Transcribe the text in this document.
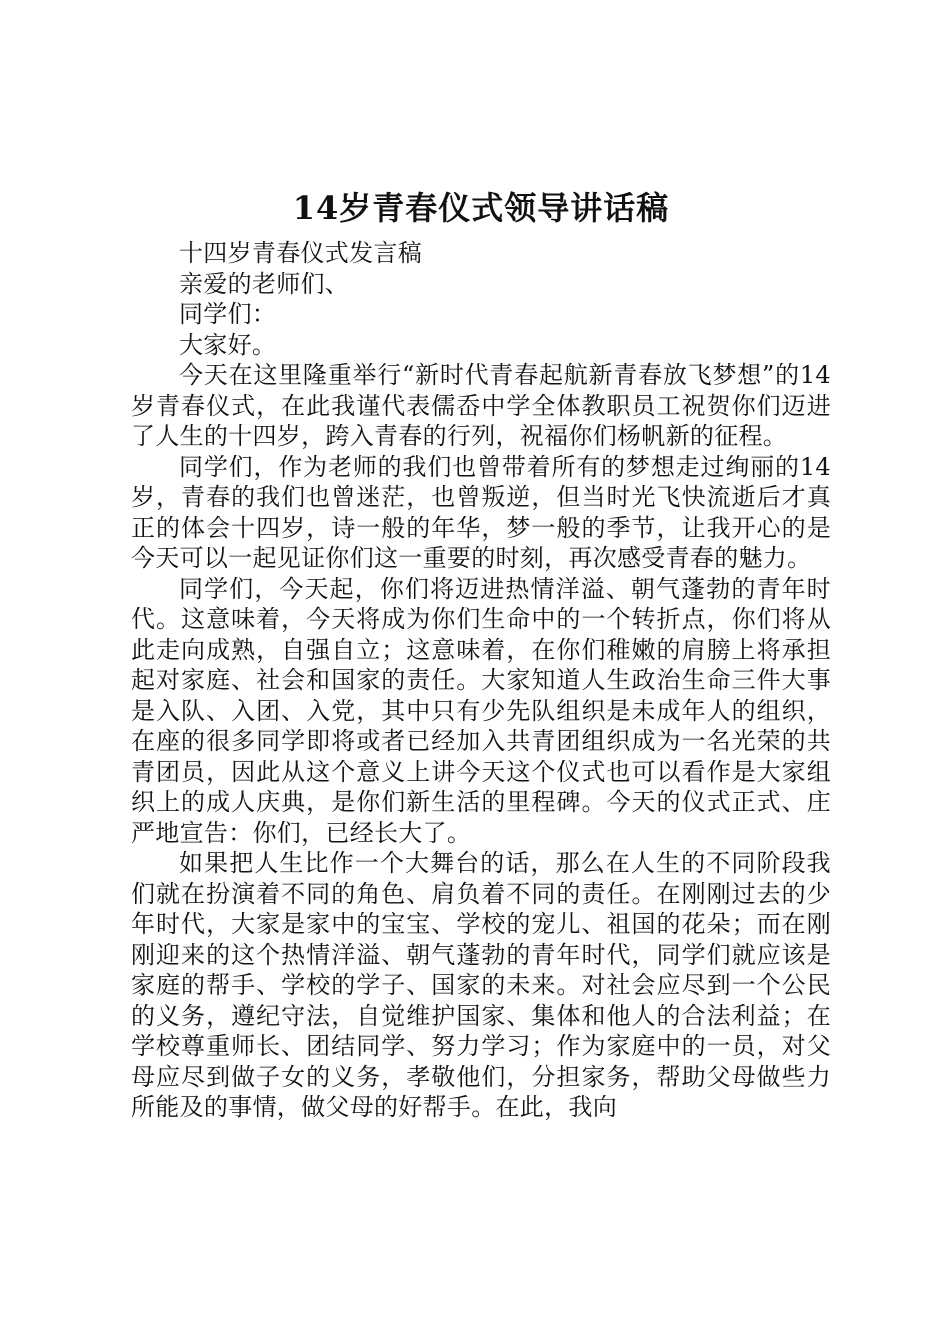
14岁青春仪式领导讲话稿

十四岁青春仪式发言稿

亲爱的老师们、

同学们：

大家好。

今天在这里隆重举行“新时代青春起航新青春放飞梦想”的14岁青春仪式，在此我谨代表儒岙中学全体教职员工祝贺你们迈进了人生的十四岁，跨入青春的行列，祝福你们杨帆新的征程。

同学们，作为老师的我们也曾带着所有的梦想走过绚丽的14岁，青春的我们也曾迷茫，也曾叛逆，但当时光飞快流逝后才真正的体会十四岁，诗一般的年华，梦一般的季节，让我开心的是今天可以一起见证你们这一重要的时刻，再次感受青春的魅力。

同学们，今天起，你们将迈进热情洋溢、朝气蓬勃的青年时代。这意味着，今天将成为你们生命中的一个转折点，你们将从此走向成熟，自强自立；这意味着，在你们稚嫩的肩膀上将承担起对家庭、社会和国家的责任。大家知道人生政治生命三件大事是入队、入团、入党，其中只有少先队组织是未成年人的组织，在座的很多同学即将或者已经加入共青团组织成为一名光荣的共青团员，因此从这个意义上讲今天这个仪式也可以看作是大家组织上的成人庆典，是你们新生活的里程碑。今天的仪式正式、庄严地宣告：你们，已经长大了。

如果把人生比作一个大舞台的话，那么在人生的不同阶段我们就在扮演着不同的角色、肩负着不同的责任。在刚刚过去的少年时代，大家是家中的宝宝、学校的宠儿、祖国的花朵；而在刚刚迎来的这个热情洋溢、朝气蓬勃的青年时代，同学们就应该是家庭的帮手、学校的学子、国家的未来。对社会应尽到一个公民的义务，遵纪守法，自觉维护国家、集体和他人的合法利益；在学校尊重师长、团结同学、努力学习；作为家庭中的一员，对父母应尽到做子女的义务，孝敬他们，分担家务，帮助父母做些力所能及的事情，做父母的好帮手。在此，我向
